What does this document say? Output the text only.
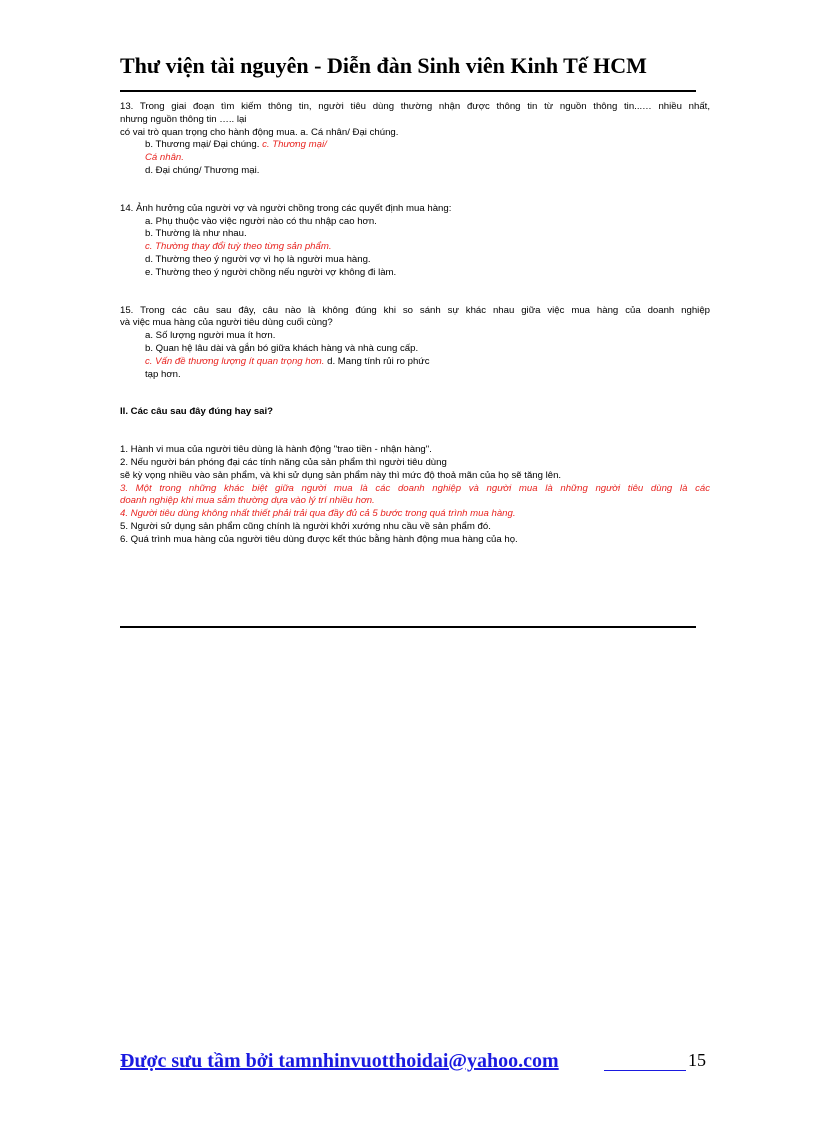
Thư viện tài nguyên - Diễn đàn Sinh viên Kinh Tế HCM

13. Trong giai đoạn tìm kiếm thông tin, người tiêu dùng thường nhận được thông tin từ nguồn thông tin...… nhiều nhất,

nhưng nguồn thông tin ….. lại

có vai trò quan trọng cho hành động mua. a. Cá nhân/ Đại chúng.

b. Thương mại/ Đại chúng. c. Thương mại/

Cá nhân.

d. Đại chúng/ Thương mại.

14. Ảnh hưởng của người vợ và người chồng trong các quyết định mua hàng:

a. Phụ thuộc vào việc người nào có thu nhập cao hơn.

b. Thường là như nhau.

c. Thường thay đổi tuỳ theo từng sản phẩm.

d. Thường theo ý người vợ vì họ là người mua hàng.

e. Thường theo ý người chồng nếu người vợ không đi làm.

15. Trong các câu sau đây, câu nào là không đúng khi so sánh sự khác nhau giữa việc mua hàng của doanh nghiệp

và việc mua hàng của người tiêu dùng cuối cùng?

a. Số lượng người mua ít hơn.

b. Quan hệ lâu dài và gắn bó giữa khách hàng và nhà cung cấp.

c. Vấn đề thương lượng ít quan trọng hơn. d. Mang tính rủi ro phức

tạp hơn.

II. Các câu sau đây đúng hay sai?

1. Hành vi mua của người tiêu dùng là hành động "trao tiền - nhận hàng".

2. Nếu người bán phóng đại các tính năng của sản phẩm thì người tiêu dùng

sẽ kỳ vọng nhiều vào sản phẩm, và khi sử dụng sản phẩm này thì mức độ thoả mãn của họ sẽ tăng lên.

3. Một trong những khác biệt giữa người mua là các doanh nghiệp và người mua là những người tiêu dùng là các

doanh nghiệp khi mua sắm thường dựa vào lý trí nhiều hơn.

4. Người tiêu dùng không nhất thiết phải trải qua đầy đủ cả 5 bước trong quá trình mua hàng.

5. Người sử dụng sản phẩm cũng chính là người khởi xướng nhu cầu về sản phẩm đó.

6. Quá trình mua hàng của người tiêu dùng được kết thúc bằng hành động mua hàng của họ.

Được sưu tầm bởi tamnhinvuotthoidai@yahoo.com	15
